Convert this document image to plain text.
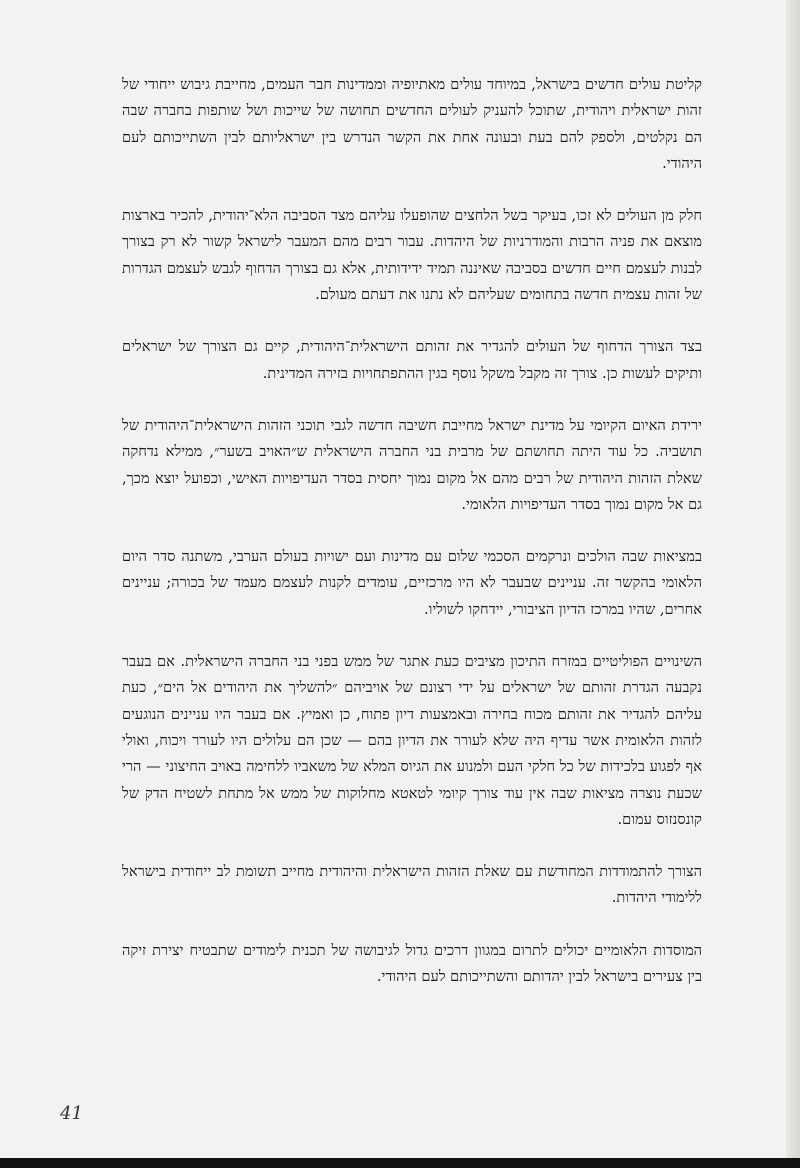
קליטת עולים חדשים בישראל, במיוחד עולים מאתיופיה וממדינות חבר העמים, מחייבת גיבוש ייחודי של זהות ישראלית ויהודית, שתוכל להעניק לעולים החדשים תחושה של שייכות ושל שותפות בחברה שבה הם נקלטים, ולספק להם בעת ובעונה אחת את הקשר הנדרש בין ישראליותם לבין השתייכותם לעם היהודי.

חלק מן העולים לא זכו, בעיקר בשל הלחצים שהופעלו עליהם מצד הסביבה הלא־יהודית, להכיר בארצות מוצאם את פניה הרבות והמודרניות של היהדות. עבור רבים מהם המעבר לישראל קשור לא רק בצורך לבנות לעצמם חיים חדשים בסביבה שאיננה תמיד ידידותית, אלא גם בצורך הדחוף לגבש לעצמם הגדרות של זהות עצמית חדשה בתחומים שעליהם לא נתנו את דעתם מעולם.

בצד הצורך הדחוף של העולים להגדיר את זהותם הישראלית־היהודית, קיים גם הצורך של ישראלים ותיקים לעשות כן. צורך זה מקבל משקל נוסף בגין ההתפתחויות בזירה המדינית.

ירידת האיום הקיומי על מדינת ישראל מחייבת חשיבה חדשה לגבי תוכני הזהות הישראלית־היהודית של תושביה. כל עוד היתה תחושתם של מרבית בני החברה הישראלית ש״האויב בשער״, ממילא נדחקה שאלת הזהות היהודית של רבים מהם אל מקום נמוך יחסית בסדר העדיפויות האישי, וכפועל יוצא מכך, גם אל מקום נמוך בסדר העדיפויות הלאומי.

במציאות שבה הולכים ונרקמים הסכמי שלום עם מדינות ועם ישויות בעולם הערבי, משתנה סדר היום הלאומי בהקשר זה. עניינים שבעבר לא היו מרכזיים, עומדים לקנות לעצמם מעמד של בכורה; עניינים אחרים, שהיו במרכז הדיון הציבורי, יידחקו לשוליו.

השינויים הפוליטיים במזרח התיכון מציבים כעת אתגר של ממש בפני בני החברה הישראלית. אם בעבר נקבעה הגדרת זהותם של ישראלים על ידי רצונם של אויביהם ״להשליך את היהודים אל הים״, כעת עליהם להגדיר את זהותם מכוח בחירה ובאמצעות דיון פתוח, כן ואמיץ. אם בעבר היו עניינים הנוגעים לזהות הלאומית אשר עדיף היה שלא לעורר את הדיון בהם — שכן הם עלולים היו לעורר ויכוח, ואולי אף לפגוע בלכידות של כל חלקי העם ולמנוע את הגיוס המלא של משאביו ללחימה באויב החיצוני — הרי שכעת נוצרה מציאות שבה אין עוד צורך קיומי לטאטא מחלוקות של ממש אל מתחת לשטיח הדק של קונסנזוס עמום.

הצורך להתמודדות המחודשת עם שאלת הזהות הישראלית והיהודית מחייב תשומת לב ייחודית בישראל ללימודי היהדות.

המוסדות הלאומיים יכולים לתרום במגוון דרכים גדול לגיבושה של תכנית לימודים שתבטיח יצירת זיקה בין צעירים בישראל לבין יהדותם והשתייכותם לעם היהודי.

41
